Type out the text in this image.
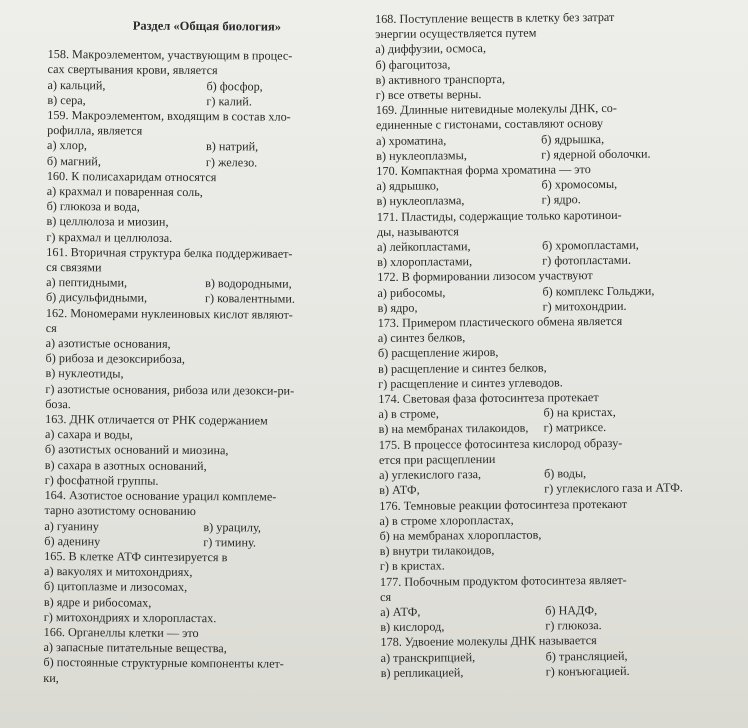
Раздел «Общая биология»
158. Макроэлементом, участвующим в процес-
сах свертывания крови, является
а) кальций,	б) фосфор,
в) сера,	г) калий.
159. Макроэлементом, входящим в состав хло-
рофилла, является
а) хлор,	в) натрий,
б) магний,	г) железо.
160. К полисахаридам относятся
а) крахмал и поваренная соль,
б) глюкоза и вода,
в) целлюлоза и миозин,
г) крахмал и целлюлоза.
161. Вторичная структура белка поддерживает-
ся связями
а) пептидными,	в) водородными,
б) дисульфидными,	г) ковалентными.
162. Мономерами нуклеиновых кислот являют-
ся
а) азотистые основания,
б) рибоза и дезоксирибоза,
в) нуклеотиды,
г) азотистые основания, рибоза или дезокси-ри-
боза.
163. ДНК отличается от РНК содержанием
а) сахара и воды,
б) азотистых оснований и миозина,
в) сахара в азотных оснований,
г) фосфатной группы.
164. Азотистое основание урацил комплеме-
тарно азотистому основанию
а) гуанину	в) урацилу,
б) аденину	г) тимину.
165. В клетке АТФ синтезируется в
а) вакуолях и митохондриях,
б) цитоплазме и лизосомах,
в) ядре и рибосомах,
г) митохондриях и хлоропластах.
166. Органеллы клетки — это
а) запасные питательные вещества,
б) постоянные структурные компоненты клет-
ки,
168. Поступление веществ в клетку без затрат
энергии осуществляется путем
а) диффузии, осмоса,
б) фагоцитоза,
в) активного транспорта,
г) все ответы верны.
169. Длинные нитевидные молекулы ДНК, со-
единенные с гистонами, составляют основу
а) хроматина,	б) ядрышка,
в) нуклеоплазмы,	г) ядерной оболочки.
170. Компактная форма хроматина — это
а) ядрышко,	б) хромосомы,
в) нуклеоплазма,	г) ядро.
171. Пластиды, содержащие только каротинои-
ды, называются
а) лейкопластами,	б) хромопластами,
в) хлоропластами,	г) фотопластами.
172. В формировании лизосом участвуют
а) рибосомы,	б) комплекс Гольджи,
в) ядро,	г) митохондрии.
173. Примером пластического обмена является
а) синтез белков,
б) расщепление жиров,
в) расщепление и синтез белков,
г) расщепление и синтез углеводов.
174. Световая фаза фотосинтеза протекает
а) в строме,	б) на кристах,
в) на мембранах тилакоидов,	г) матриксе.
175. В процессе фотосинтеза кислород образу-
ется при расщеплении
а) углекислого газа,	б) воды,
в) АТФ,	г) углекислого газа и АТФ.
176. Темновые реакции фотосинтеза протекают
а) в строме хлоропластах,
б) на мембранах хлоропластов,
в) внутри тилакоидов,
г) в кристах.
177. Побочным продуктом фотосинтеза являет-
ся
а) АТФ,	б) НАДФ,
в) кислород,	г) глюкоза.
178. Удвоение молекулы ДНК называется
а) транскрипцией,	б) трансляцией,
в) репликацией,	г) конъюгацией.
